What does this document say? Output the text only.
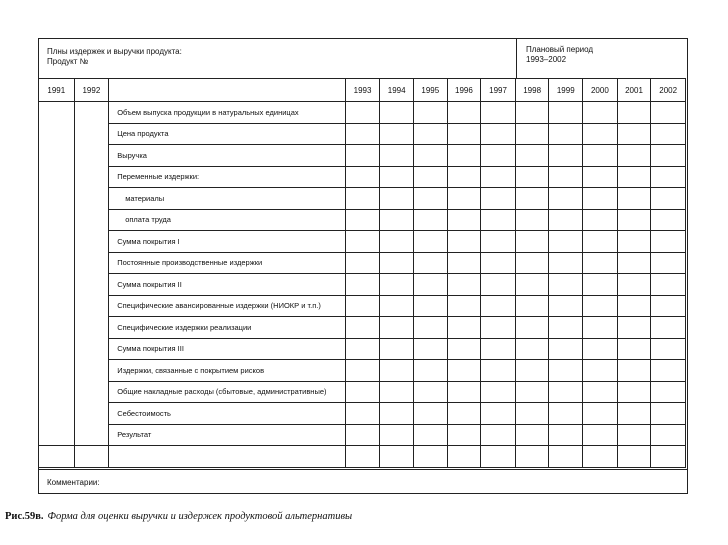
Плны издержек и выручки продукта:
Продукт №
Плановый период
1993–2002
1991	1992		1993	1994	1995	1996	1997	1998	1999	2000	2001	2002
		Объем выпуска продукции в натуральных единицах										
		Цена продукта										
		Выручка										
		Переменные издержки:										
		материалы										
		оплата труда										
		Сумма покрытия I										
		Постоянные производственные издержки										
		Сумма покрытия II										
		Специфические авансированные издержки (НИОКР и т.п.)										
		Специфические издержки реализации										
		Сумма покрытия III										
		Издержки, связанные с покрытием рисков										
		Общие накладные расходы (сбытовые, административные)										
		Себестоимость										
		Результат										

Комментарии:
Рис.59в. Форма для оценки выручки и издержек продуктовой альтернативы
